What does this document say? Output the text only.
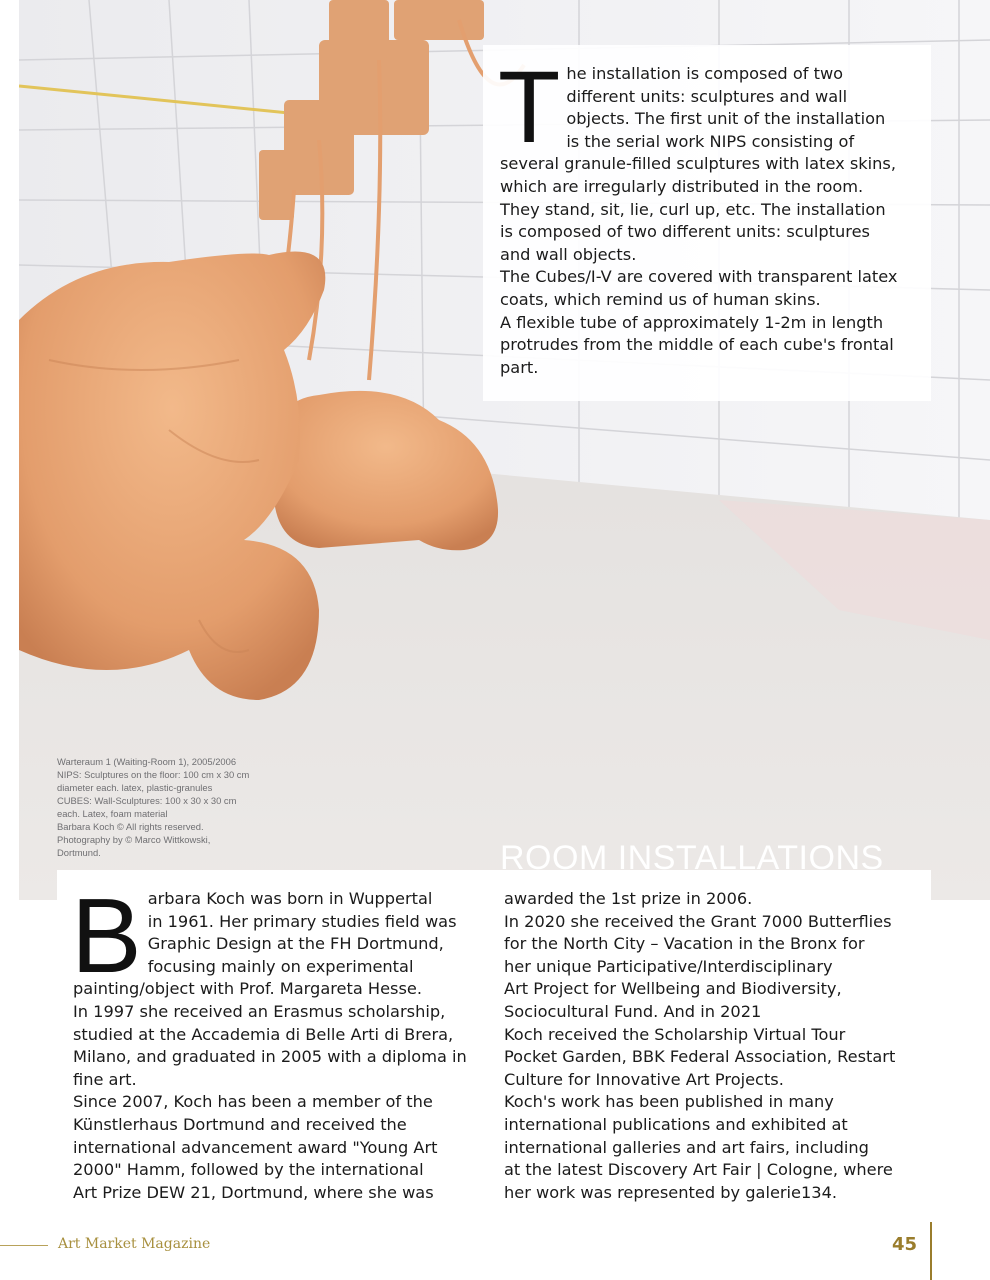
T he installation is composed of two

different units: sculptures and wall

objects. The first unit of the installation

is the serial work NIPS consisting of

several granule-filled sculptures with latex skins,

which are irregularly distributed in the room.

They stand, sit, lie, curl up, etc. The installation

is composed of two different units: sculptures

and wall objects.

The Cubes/I-V are covered with transparent latex

coats, which remind us of human skins.

A flexible tube of approximately 1-2m in length

protrudes from the middle of each cube's frontal

part.

Warteraum 1 (Waiting-Room 1), 2005/2006
NIPS: Sculptures on the floor: 100 cm x 30 cm
diameter each. latex, plastic-granules
CUBES: Wall-Sculptures: 100 x 30 x 30 cm
each. Latex, foam material
Barbara Koch © All rights reserved.
Photography by © Marco Wittkowski,
Dortmund.	ROOM INSTALLATIONS
B arbara Koch was born in Wuppertal
in 1961. Her primary studies field was
Graphic Design at the FH Dortmund,
focusing mainly on experimental
painting/object with Prof. Margareta Hesse.
In 1997 she received an Erasmus scholarship,
studied at the Accademia di Belle Arti di Brera,
Milano, and graduated in 2005 with a diploma in
fine art.
Since 2007, Koch has been a member of the
Künstlerhaus Dortmund and received the
international advancement award "Young Art
2000" Hamm, followed by the international
Art Prize DEW 21, Dortmund, where she was
awarded the 1st prize in 2006.
In 2020 she received the Grant 7000 Butterflies
for the North City – Vacation in the Bronx for
her unique Participative/Interdisciplinary
Art Project for Wellbeing and Biodiversity,
Sociocultural Fund. And in 2021
Koch received the Scholarship Virtual Tour
Pocket Garden, BBK Federal Association, Restart
Culture for Innovative Art Projects.
Koch's work has been published in many
international publications and exhibited at
international galleries and art fairs, including
at the latest Discovery Art Fair | Cologne, where
her work was represented by galerie134.
Art Market Magazine	45
